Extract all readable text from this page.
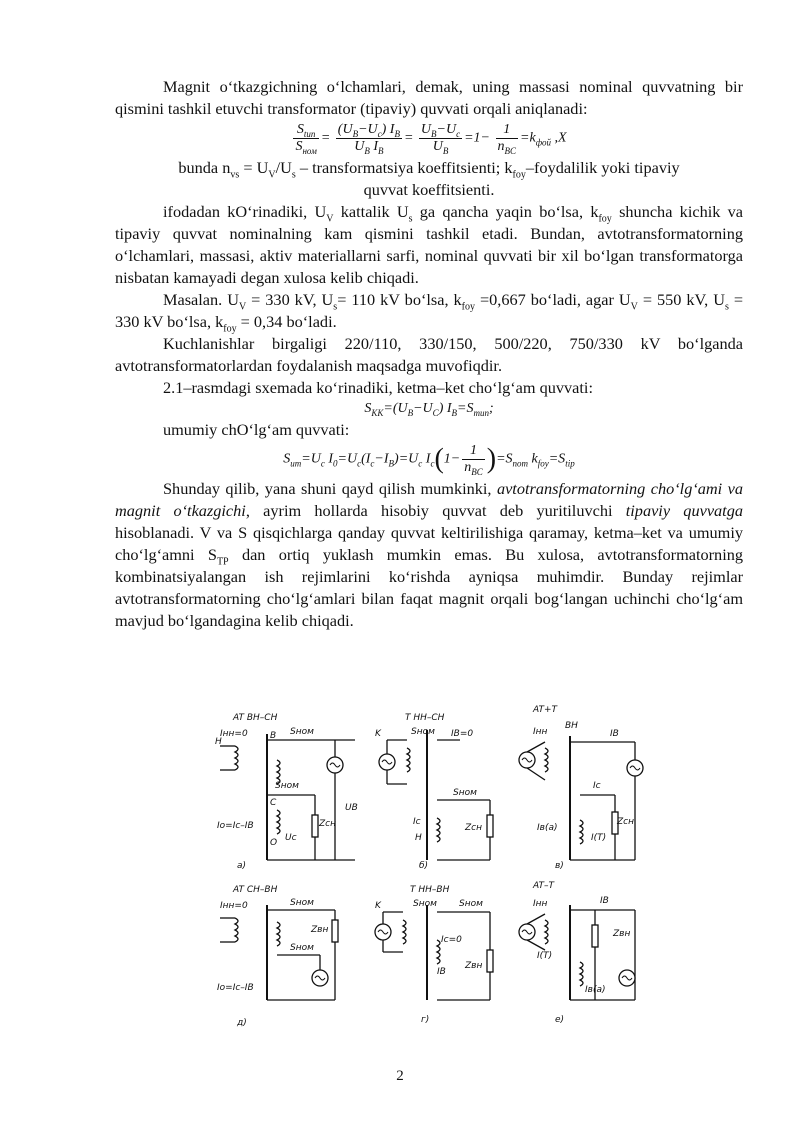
Magnit o‘tkazgichning o‘lchamlari, demak, uning massasi nominal quvvatning bir qismini tashkil etuvchi transformator (tipaviy) quvvati orqali aniqlanadi:

$\frac{S_{tип}}{S_{ном}} = \frac{(U_B-U_c) I_B}{U_B I_B} = \frac{U_B-U_c}{U_B} =1- \frac{1}{n_{BC}} =k_{фой}$ ,Х

bunda $n_{vs} = U_V/U_s$ – transformatsiya koeffitsienti; $k_{foy}$–foydalilik yoki tipaviy

quvvat koeffitsienti.

ifodadan kO‘rinadiki, $U_V$ kattalik $U_s$ ga qancha yaqin bo‘lsa, $k_{foy}$ shuncha kichik va tipaviy quvvat nominalning kam qismini tashkil etadi. Bundan, avtotransformatorning o‘lchamlari, massasi, aktiv materiallarni sarfi, nominal quvvati bir xil bo‘lgan transformatorga nisbatan kamayadi degan xulosa kelib chiqadi.

Masalan. $U_V = 330$ kV, $U_s= 110$ kV bo‘lsa, $k_{foy} =0,667$ bo‘ladi, agar $U_V = 550$ kV, $U_s = 330$ kV bo‘lsa, $k_{foy} = 0,34$ bo‘ladi.

Kuchlanishlar birgaligi 220/110, 330/150, 500/220, 750/330 kV bo‘lganda avtotransformatorlardan foydalanish maqsadga muvofiqdir.

2.1–rasmdagi sxemada ko‘rinadiki, ketma–ket cho‘lg‘am quvvati:

$S_{KK}=(U_B-U_C)$ $I_B=S_{тип}$;

umumiy chO‘lg‘am quvvati:

$S_{um}=U_c$ $I_0=U_c(I_c-I_B)=U_c$ $I_c(1- \frac{1}{n_{BC}} )=S_{nom}$ $k_{foy}=S_{tip}$

Shunday qilib, yana shuni qayd qilish mumkinki, avtotransformatorning cho‘lg‘ami va magnit o‘tkazgichi, ayrim hollarda hisobiy quvvat deb yuritiluvchi tipaviy quvvatga hisoblanadi. V va S qisqichlarga qanday quvvat keltirilishiga qaramay, ketma–ket va umumiy cho‘lg‘amni $S_{TP}$ dan ortiq yuklash mumkin emas. Bu xulosa, avtotransformatorning kombinatsiyalangan ish rejimlarini ko‘rishda ayniqsa muhimdir. Bunday rejimlar avtotransformatorning cho‘lg‘amlari bilan faqat magnit orqali bog‘langan uchinchi cho‘lg‘am mavjud bo‘lgandagina kelib chiqadi.

AT BH–CH
Iнн=0	Sном
Sном
UB
Uc
Zсн
C
O
B
H
Io=Ic–IB
a)
T HH–CH
K	Sном
Sном
IB=0
Zсн
Ic
H
б)
AT+T
BH
Iнн	IB
Ic
Zсн
Iв(а)
I(Т)
в)
AT CH–BH
Iнн=0	Sном
Sном
Zвн
Io=Ic–IB
д)
T HH–BH
K	Sном Sном
Ic=0
Zвн
IB
г)
AT–T
Iнн	IB
Zвн
I(Т)
Iв(а)
е)
2
